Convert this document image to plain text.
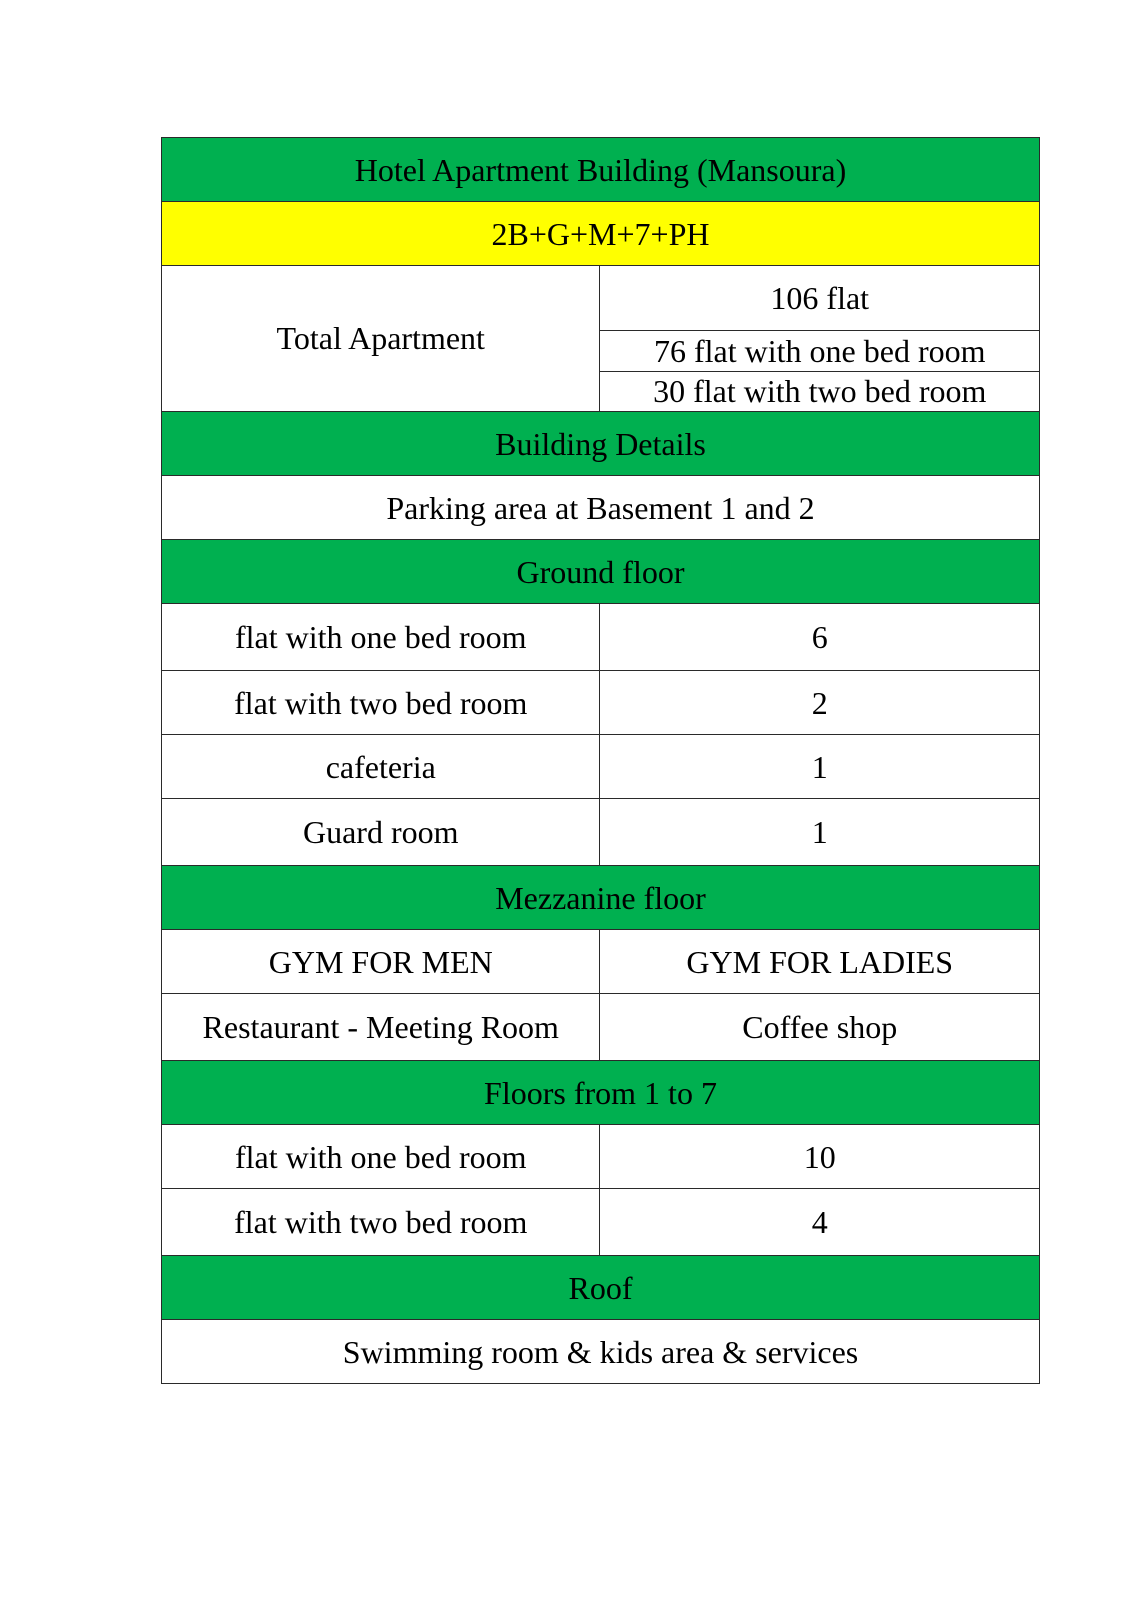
Hotel Apartment Building (Mansoura)	
2B+G+M+7+PH	

Total Apartment	106 flat
	76 flat with one bed room
	30 flat with two bed room
Building Details	
Parking area at Basement 1 and 2	
Ground floor	
flat with one bed room	6
flat with two bed room	2
cafeteria	1
Guard room	1
Mezzanine floor	
GYM FOR MEN	GYM FOR LADIES
Restaurant - Meeting Room	Coffee shop
Floors from 1 to 7	
flat with one bed room	10
flat with two bed room	4
Roof	
Swimming room & kids area & services	
